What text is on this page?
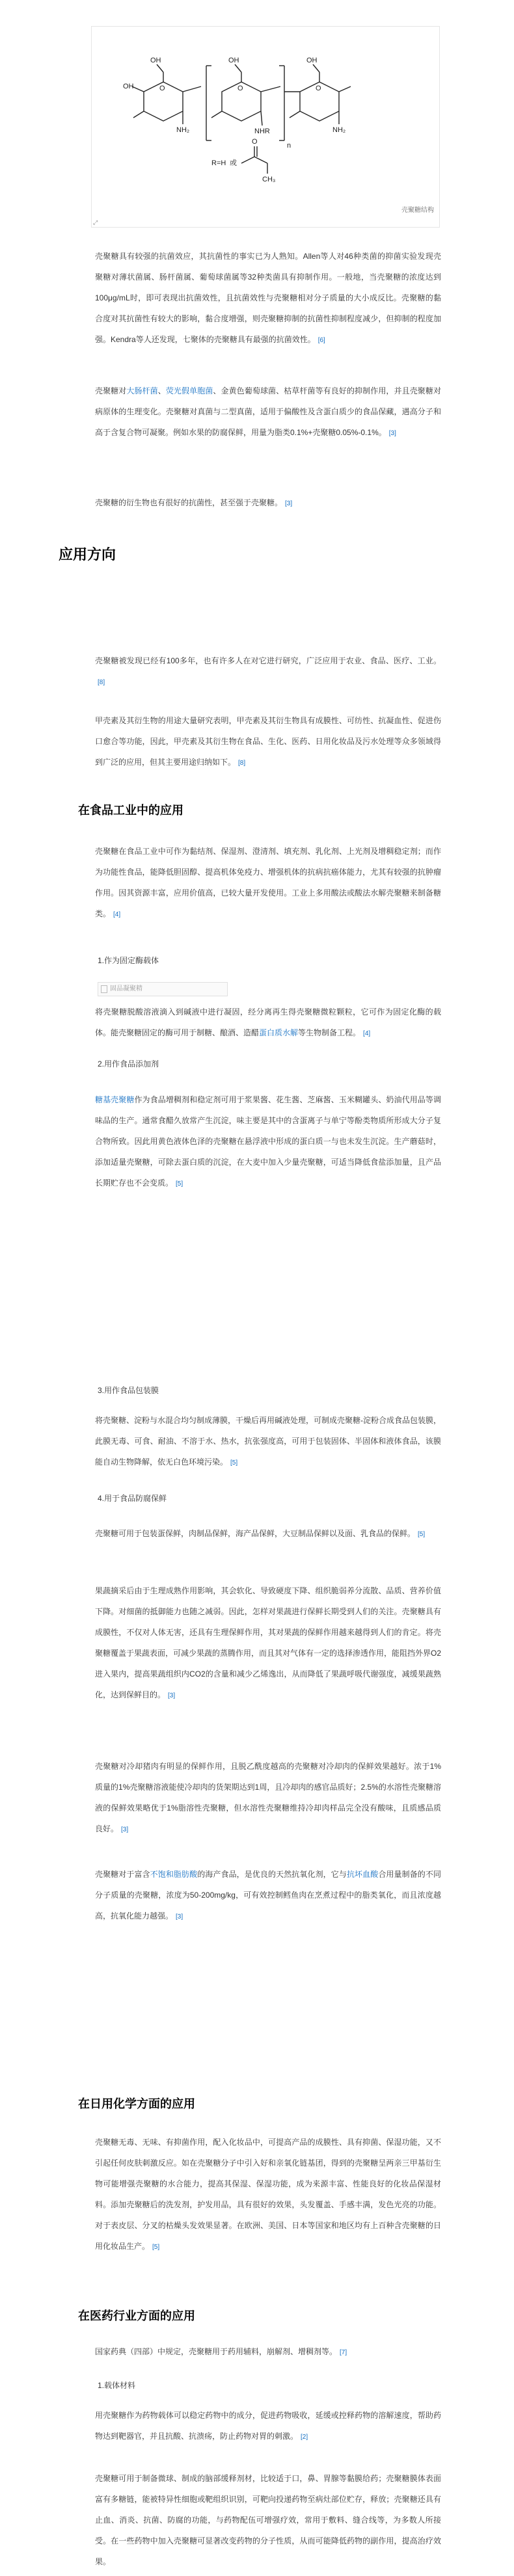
OH
OH	O
NH₂
OH
O
NHR
n
OH
O
NH₂
R=H 或
O
CH₃
壳聚糖结构
⤢
壳聚糖具有较强的抗菌效应，其抗菌性的事实已为人熟知。Allen等人对46种类菌的抑菌实验发现壳聚糖对薄状菌属、肠杆菌属、葡萄球菌属等32种类菌具有抑制作用。一般地，当壳聚糖的浓度达到100μg/mL时，即可表现出抗菌效性，且抗菌效性与壳聚糖相对分子质量的大小成反比。壳聚糖的黏合度对其抗菌性有较大的影响，黏合度增强，则壳聚糖抑制的抗菌性抑制程度减少，但抑制的程度加强。Kendra等人还发现，七聚体的壳聚糖具有最强的抗菌效性。 [6]
壳聚糖对大肠杆菌、荧光假单胞菌、金黄色葡萄球菌、枯草杆菌等有良好的抑制作用，并且壳聚糖对病原体的生理变化。壳聚糖对真菌与二型真菌，适用于偏酸性及含蛋白质少的食品保藏，遇高分子和高于含复合物可凝聚。例如水果的防腐保鲜，用量为脂类0.1%+壳聚糖0.05%-0.1%。 [3]
壳聚糖的衍生物也有很好的抗菌性，甚至强于壳聚糖。 [3]
应用方向
壳聚糖被发现已经有100多年，也有许多人在对它进行研究，广泛应用于农业、食品、医疗、工业。[8]
甲壳素及其衍生物的用途大量研究表明，甲壳素及其衍生物具有成膜性、可纺性、抗凝血性、促进伤口愈合等功能，因此，甲壳素及其衍生物在食品、生化、医药、日用化妆品及污水处理等众多领域得到广泛的应用，但其主要用途归纳如下。 [8]
在食品工业中的应用
壳聚糖在食品工业中可作为黏结剂、保湿剂、澄清剂、填充剂、乳化剂、上光剂及增稠稳定剂；而作为功能性食品，能降低胆固醇、提高机体免疫力、增强机体的抗病抗癌体能力，尤其有较强的抗肿瘤作用。因其资源丰富，应用价值高，已较大量开发使用。工业上多用酸法或酸法水解壳聚糖来制备糖类。 [4]
1.作为固定酶载体
固品凝聚精
将壳聚糖脱酸溶液滴入到碱液中进行凝固，经分离再生得壳聚糖微粒颗粒，它可作为固定化酶的载体。能壳聚糖固定的酶可用于制糖、酿酒、造醋蛋白质水解等生物制备工程。 [4]
2.用作食品添加剂
糖基壳聚糖作为食品增稠剂和稳定剂可用于浆果酱、花生酱、芝麻酱、玉米糊罐头、奶油代用品等调味品的生产。通常食醋久放常产生沉淀，味主要是其中的含蛋离子与单宁等酚类物质所形成大分子复合物所致。因此用黄色液体色泽的壳聚糖在悬浮液中形成的蛋白质一与也未发生沉淀。生产蘑菇时，添加适量壳聚糖，可除去蛋白质的沉淀，在大麦中加入少量壳聚糖，可适当降低食盐添加量，且产品长期贮存也不会变质。 [5]
3.用作食品包装膜
将壳聚糖、淀粉与水混合均匀制成薄膜，干燥后再用碱液处理，可制成壳聚糖-淀粉合成食品包装膜，此膜无毒、可食、耐油、不溶于水、热水，抗张强度高，可用于包装固体、半固体和液体食品，该膜能自动生物降解，依无白色环境污染。 [5]
4.用于食品防腐保鲜
壳聚糖可用于包装蛋保鲜，肉制品保鲜，海产品保鲜，大豆制品保鲜以及面、乳食品的保鲜。 [5]
果蔬摘采后由于生理成熟作用影响，其会软化、导致硬度下降、组织脆弱养分流散、品质、营养价值下降。对细菌的抵御能力也随之减弱。因此，怎样对果蔬进行保鲜长期受到人们的关注。壳聚糖具有成膜性，不仅对人体无害，还具有生理保鲜作用，其对果蔬的保鲜作用越来越得到人们的肯定。将壳聚糖覆盖于果蔬表面，可减少果蔬的蒸腾作用，而且其对气体有一定的选择渗透作用，能阻挡外界O2进入果内，提高果蔬组织内CO2的含量和减少乙烯逸出，从而降低了果蔬呼吸代谢强度，减缓果蔬熟化，达到保鲜目的。 [3]
壳聚糖对冷却猪肉有明显的保鲜作用，且脱乙酰度越高的壳聚糖对冷却肉的保鲜效果越好。浓于1%质量的1%壳聚糖溶液能使冷却肉的货架期达到1周，且冷却肉的感官品质好；2.5%的水溶性壳聚糖溶液的保鲜效果略优于1%脂溶性壳聚糖，但水溶性壳聚糖维持冷却肉样品完全没有酸味，且质感品质良好。 [3]
壳聚糖对于富含不饱和脂肪酸的海产食品，是优良的天然抗氧化剂，它与抗坏血酸合用量制备的不同分子质量的壳聚糖，浓度为50-200mg/kg，可有效控制鳕鱼肉在烹煮过程中的脂类氧化，而且浓度越高，抗氧化能力越强。 [3]
在日用化学方面的应用
壳聚糖无毒、无味、有抑菌作用，配入化妆品中，可提高产品的成膜性、具有抑菌、保湿功能，又不引起任何皮肤刺激反应。如在壳聚糖分子中引入好和亲氧化链基团，得到的壳聚糖呈两亲三甲基衍生物可能增强壳聚糖的水合能力，提高其保湿、保湿功能，成为来源丰富、性能良好的化妆品保湿材料。添加壳聚糖后的洗发剂，护发用品，具有很好的效果，头发覆盖、手感丰满，发色光亮的功能。对于表皮层、分叉的枯燥头发效果显著。在欧洲、美国、日本等国家和地区均有上百种含壳聚糖的日用化妆品生产。 [5]
在医药行业方面的应用
国家药典（四部）中规定，壳聚糖用于药用辅料，崩解剂、增稠剂等。 [7]
1.载体材料
用壳聚糖作为药物载体可以稳定药物中的成分，促进药物吸收，延缓或控释药物的溶解速度，帮助药物达到靶器官，并且抗酸、抗溃疡，防止药物对胃的刺激。 [2]
壳聚糖可用于制备微球、制成的脑部缓释剂材，比较适于口，鼻、胃腺等黏膜给药；壳聚糖膜体表面富有多糖链，能被特异性细胞或靶组织识别，可靶向投递药物至病灶部位贮存，释放；壳聚糖还具有止血、消炎、抗菌、防腐的功能，与药物配伍可增强疗效，常用于敷料、缝合线等，为多数人所接受。在一些药物中加入壳聚糖可显著改变药物的分子性质，从而可能降低药物的副作用，提高治疗效果。
